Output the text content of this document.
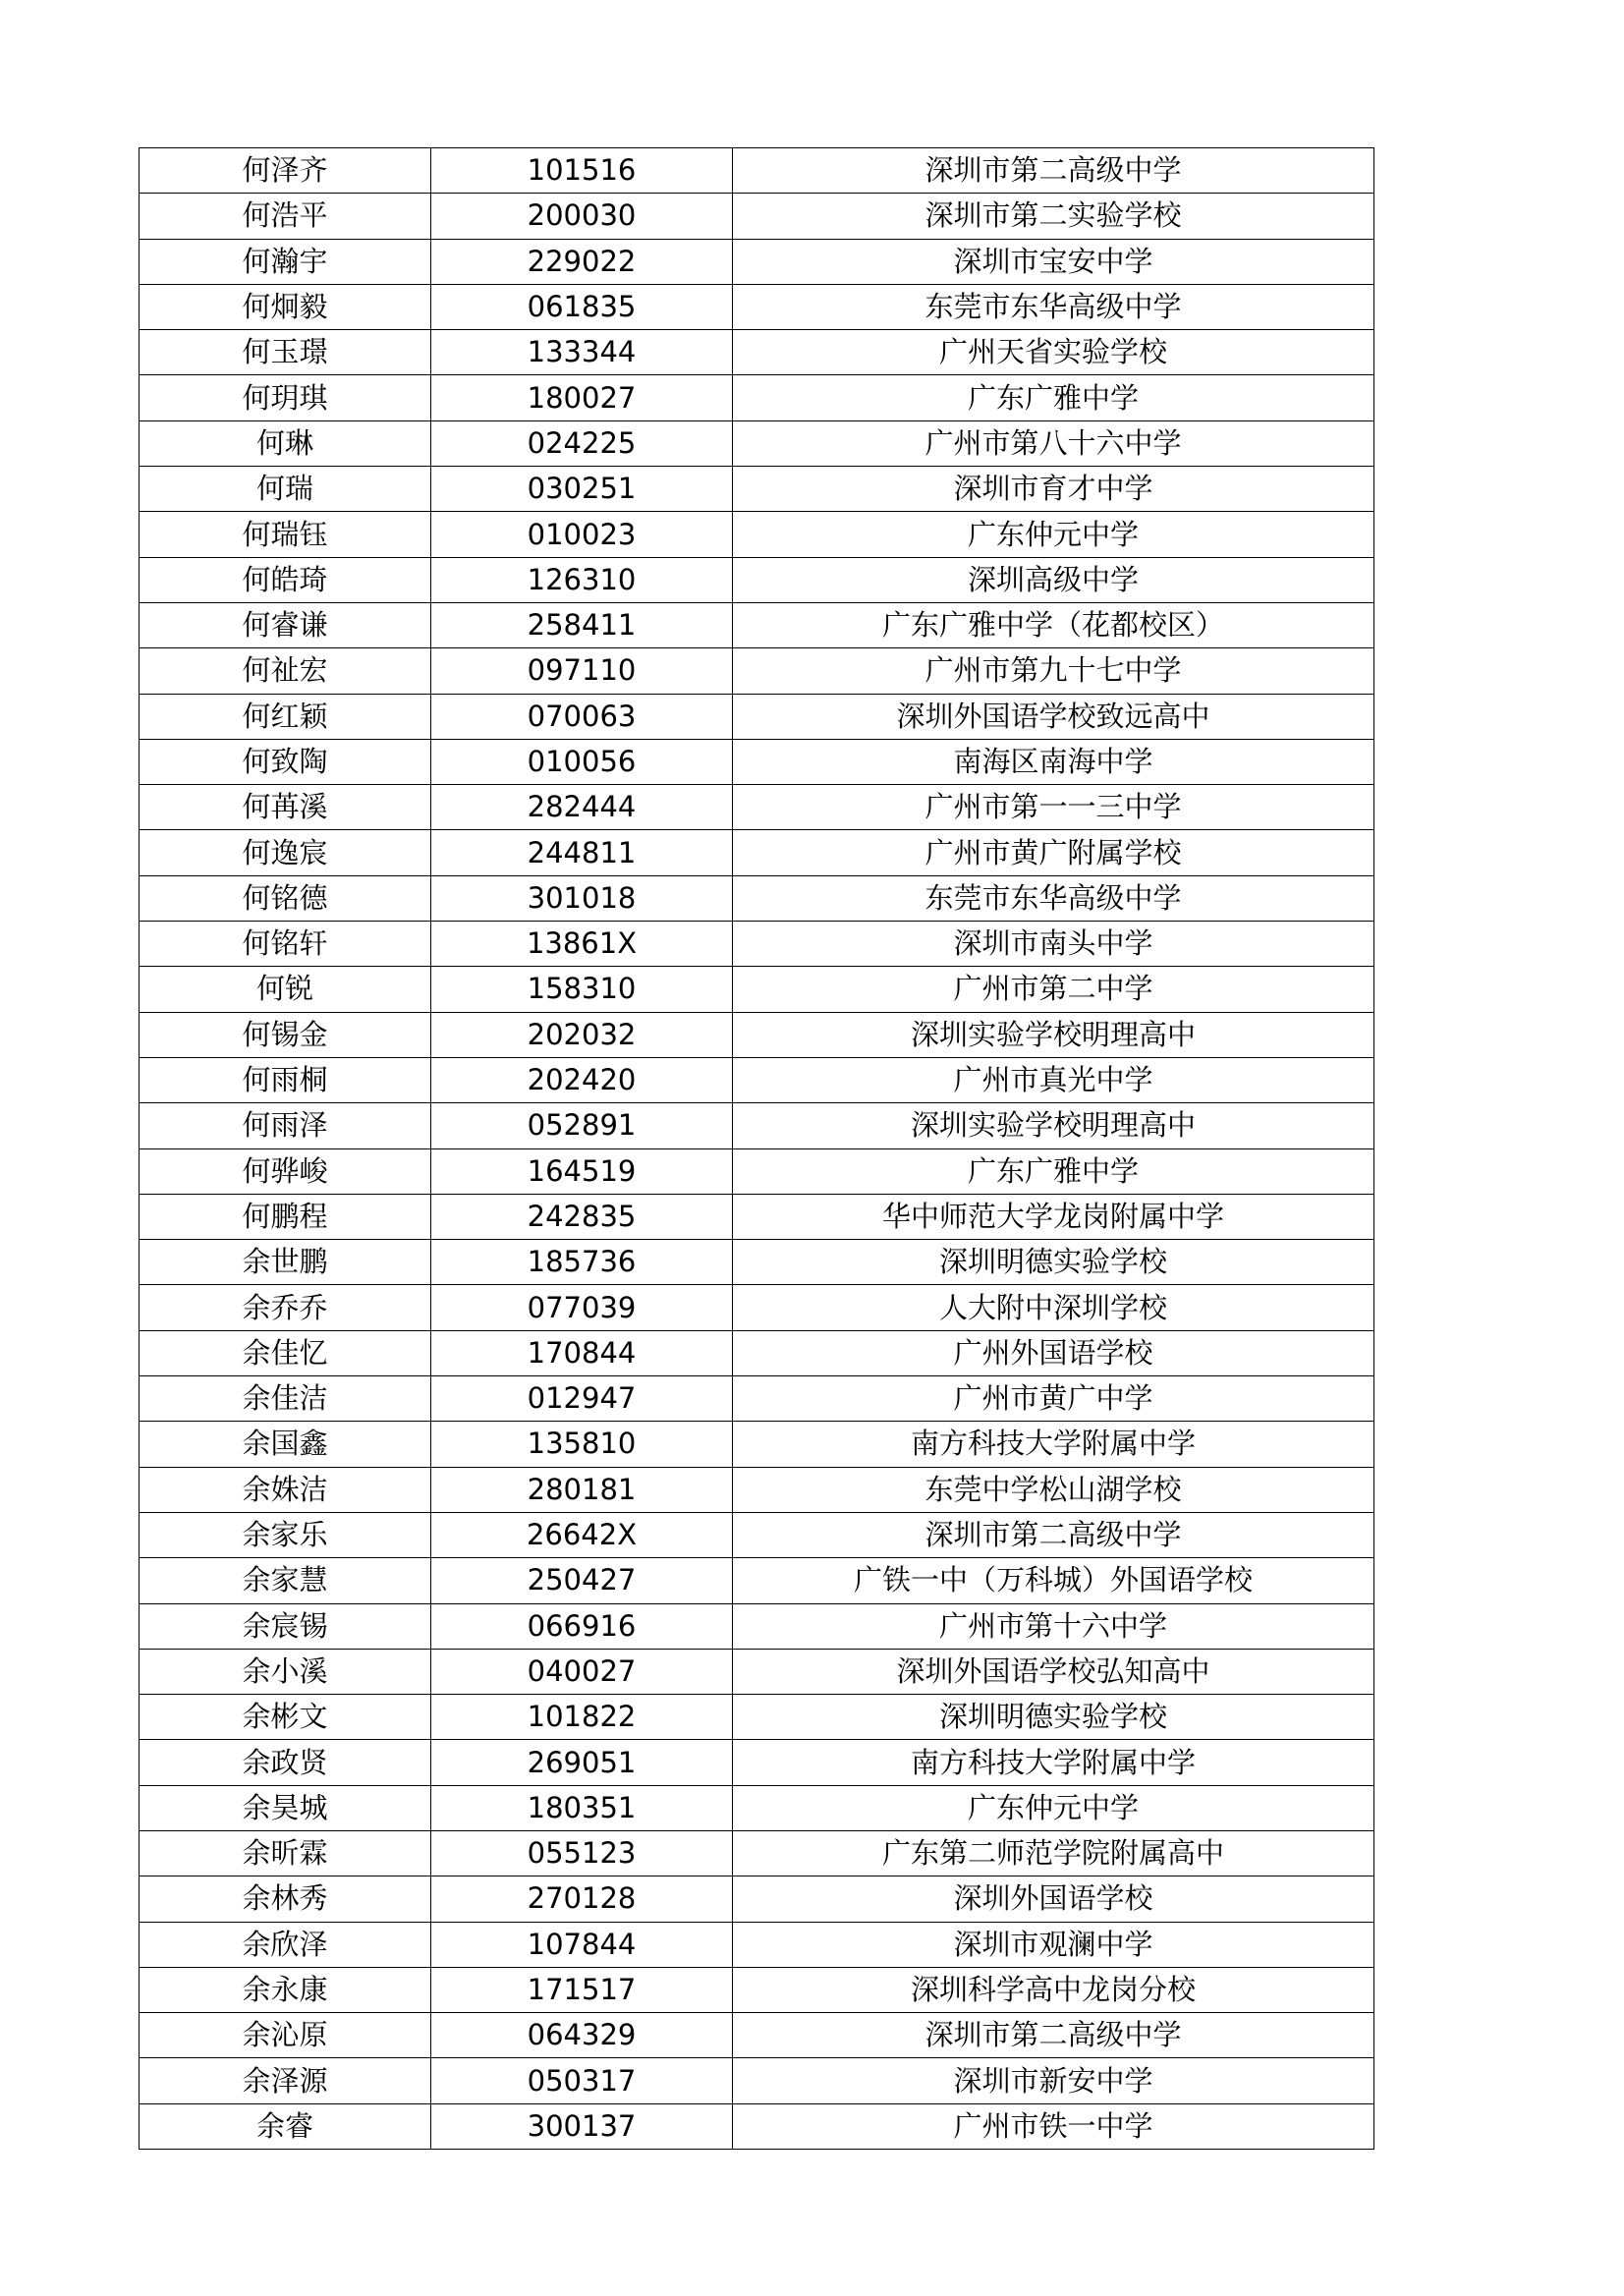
何泽齐	101516	深圳市第二高级中学
何浩平	200030	深圳市第二实验学校
何瀚宇	229022	深圳市宝安中学
何炯毅	061835	东莞市东华高级中学
何玉璟	133344	广州天省实验学校
何玥琪	180027	广东广雅中学
何琳	024225	广州市第八十六中学
何瑞	030251	深圳市育才中学
何瑞钰	010023	广东仲元中学
何皓琦	126310	深圳高级中学
何睿谦	258411	广东广雅中学（花都校区）
何祉宏	097110	广州市第九十七中学
何红颖	070063	深圳外国语学校致远高中
何致陶	010056	南海区南海中学
何苒溪	282444	广州市第一一三中学
何逸宸	244811	广州市黄广附属学校
何铭德	301018	东莞市东华高级中学
何铭轩	13861X	深圳市南头中学
何锐	158310	广州市第二中学
何锡金	202032	深圳实验学校明理高中
何雨桐	202420	广州市真光中学
何雨泽	052891	深圳实验学校明理高中
何骅峻	164519	广东广雅中学
何鹏程	242835	华中师范大学龙岗附属中学
余世鹏	185736	深圳明德实验学校
余乔乔	077039	人大附中深圳学校
余佳忆	170844	广州外国语学校
余佳洁	012947	广州市黄广中学
余国鑫	135810	南方科技大学附属中学
余姝洁	280181	东莞中学松山湖学校
余家乐	26642X	深圳市第二高级中学
余家慧	250427	广铁一中（万科城）外国语学校
余宸锡	066916	广州市第十六中学
余小溪	040027	深圳外国语学校弘知高中
余彬文	101822	深圳明德实验学校
余政贤	269051	南方科技大学附属中学
余昊城	180351	广东仲元中学
余昕霖	055123	广东第二师范学院附属高中
余林秀	270128	深圳外国语学校
余欣泽	107844	深圳市观澜中学
余永康	171517	深圳科学高中龙岗分校
余沁原	064329	深圳市第二高级中学
余泽源	050317	深圳市新安中学
余睿	300137	广州市铁一中学
